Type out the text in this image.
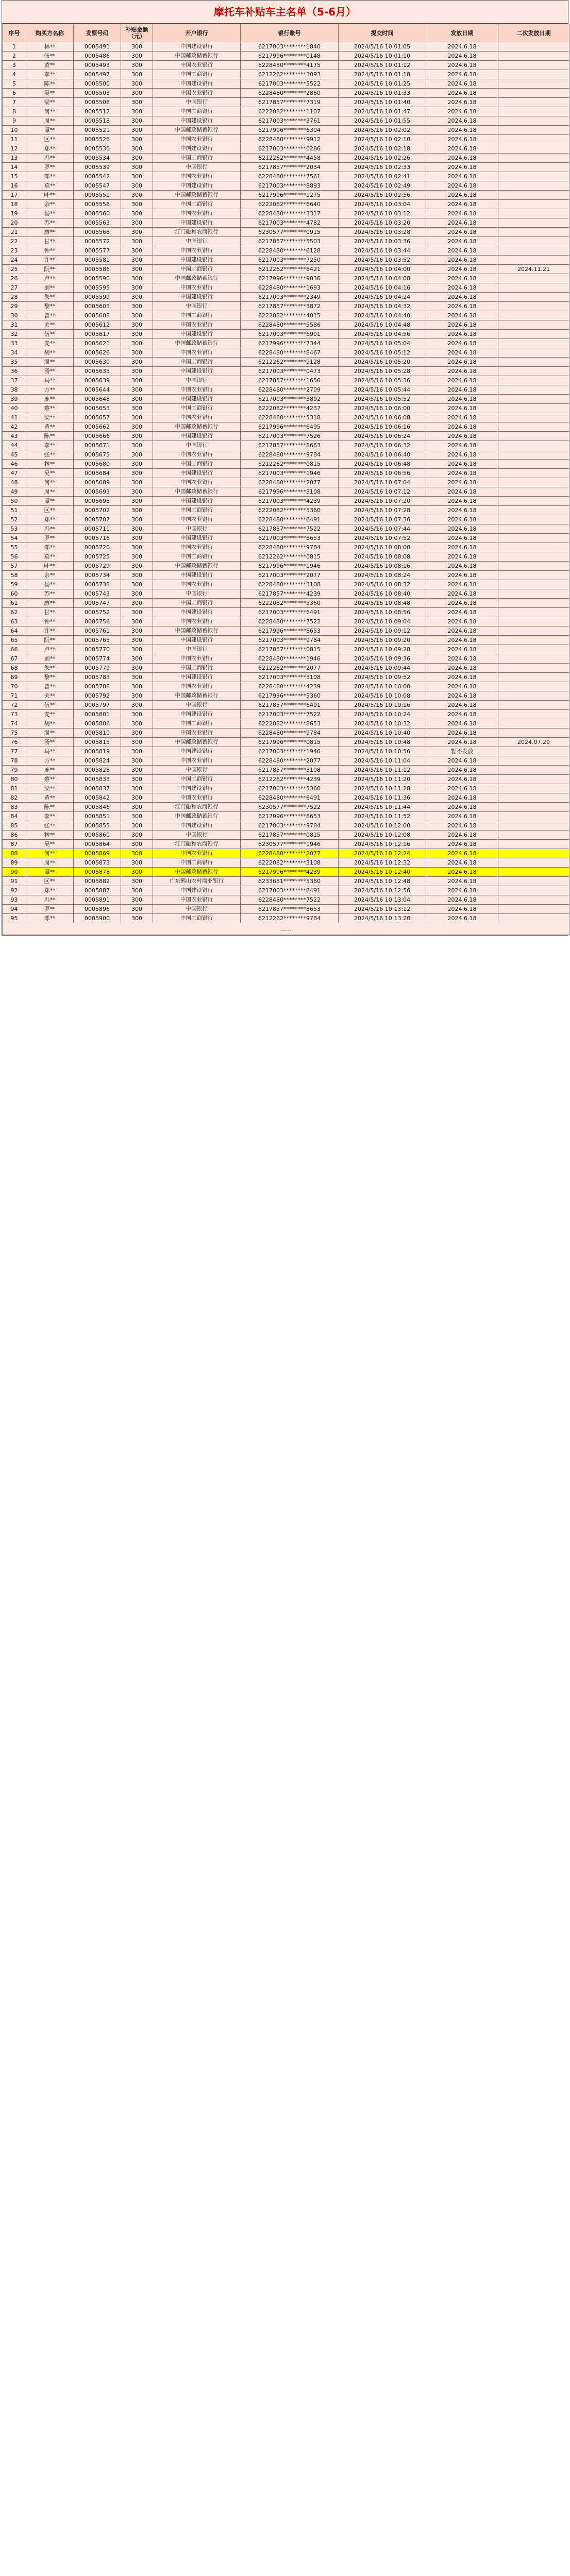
摩托车补贴车主名单（5-6月）
序号	购买方名称	发票号码	补贴金额（元）	开户银行	银行账号	提交时间	发放日期	二次发放日期
1	林**	0005491	300	中国建设银行	6217003********1840	2024/5/16 10:01:05	2024.6.18	
2	张**	0005486	300	中国邮政储蓄银行	6217996********0148	2024/5/16 10:01:10	2024.6.18	
3	黄**	0005493	300	中国农业银行	6228480********4175	2024/5/16 10:01:12	2024.6.18	
4	李**	0005497	300	中国工商银行	6212262********3093	2024/5/16 10:01:18	2024.6.18	
5	陈**	0005500	300	中国建设银行	6217003********5522	2024/5/16 10:01:25	2024.6.18	
6	吴**	0005503	300	中国农业银行	6228480********2860	2024/5/16 10:01:33	2024.6.18	
7	梁**	0005508	300	中国银行	6217857********7319	2024/5/16 10:01:40	2024.6.18	
8	何**	0005512	300	中国工商银行	6222082********1107	2024/5/16 10:01:47	2024.6.18	
9	周**	0005518	300	中国建设银行	6217003********3761	2024/5/16 10:01:55	2024.6.18	
10	谭**	0005521	300	中国邮政储蓄银行	6217996********6304	2024/5/16 10:02:02	2024.6.18	
11	区**	0005526	300	中国农业银行	6228480********9912	2024/5/16 10:02:10	2024.6.18	
12	郑**	0005530	300	中国建设银行	6217003********0286	2024/5/16 10:02:18	2024.6.18	
13	冯**	0005534	300	中国工商银行	6212262********4458	2024/5/16 10:02:26	2024.6.18	
14	罗**	0005539	300	中国银行	6217857********2034	2024/5/16 10:02:33	2024.6.18	
15	邓**	0005542	300	中国农业银行	6228480********7561	2024/5/16 10:02:41	2024.6.18	
16	莫**	0005547	300	中国建设银行	6217003********8893	2024/5/16 10:02:49	2024.6.18	
17	叶**	0005551	300	中国邮政储蓄银行	6217996********1275	2024/5/16 10:02:56	2024.6.18	
18	余**	0005556	300	中国工商银行	6222082********6640	2024/5/16 10:03:04	2024.6.18	
19	杨**	0005560	300	中国农业银行	6228480********3317	2024/5/16 10:03:12	2024.6.18	
20	苏**	0005563	300	中国建设银行	6217003********4782	2024/5/16 10:03:20	2024.6.18	
21	廖**	0005568	300	江门融和农商银行	6230577********0915	2024/5/16 10:03:28	2024.6.18	
22	甘**	0005572	300	中国银行	6217857********5503	2024/5/16 10:03:36	2024.6.18	
23	钟**	0005577	300	中国农业银行	6228480********6128	2024/5/16 10:03:44	2024.6.18	
24	许**	0005581	300	中国建设银行	6217003********7250	2024/5/16 10:03:52	2024.6.18	
25	阮**	0005586	300	中国工商银行	6212262********8421	2024/5/16 10:04:00	2024.6.18	2024.11.21
26	卢**	0005590	300	中国邮政储蓄银行	6217996********9036	2024/5/16 10:04:08	2024.6.18	
27	刘**	0005595	300	中国农业银行	6228480********1693	2024/5/16 10:04:16	2024.6.18	
28	朱**	0005599	300	中国建设银行	6217003********2349	2024/5/16 10:04:24	2024.6.18	
29	黎**	0005603	300	中国银行	6217857********3872	2024/5/16 10:04:32	2024.6.18	
30	曾**	0005608	300	中国工商银行	6222082********4015	2024/5/16 10:04:40	2024.6.18	
31	关**	0005612	300	中国农业银行	6228480********5586	2024/5/16 10:04:48	2024.6.18	
32	伍**	0005617	300	中国建设银行	6217003********6901	2024/5/16 10:04:56	2024.6.18	
33	麦**	0005621	300	中国邮政储蓄银行	6217996********7344	2024/5/16 10:05:04	2024.6.18	
34	胡**	0005626	300	中国农业银行	6228480********8467	2024/5/16 10:05:12	2024.6.18	
35	温**	0005630	300	中国工商银行	6212262********9128	2024/5/16 10:05:20	2024.6.18	
36	汤**	0005635	300	中国建设银行	6217003********0473	2024/5/16 10:05:28	2024.6.18	
37	马**	0005639	300	中国银行	6217857********1656	2024/5/16 10:05:36	2024.6.18	
38	方**	0005644	300	中国农业银行	6228480********2709	2024/5/16 10:05:44	2024.6.18	
39	庞**	0005648	300	中国建设银行	6217003********3892	2024/5/16 10:05:52	2024.6.18	
40	蔡**	0005653	300	中国工商银行	6222082********4237	2024/5/16 10:06:00	2024.6.18	
41	梁**	0005657	300	中国农业银行	6228480********5318	2024/5/16 10:06:08	2024.6.18	
42	黄**	0005662	300	中国邮政储蓄银行	6217996********6495	2024/5/16 10:06:16	2024.6.18	
43	陈**	0005666	300	中国建设银行	6217003********7526	2024/5/16 10:06:24	2024.6.18	
44	李**	0005671	300	中国银行	6217857********8663	2024/5/16 10:06:32	2024.6.18	
45	张**	0005675	300	中国农业银行	6228480********9784	2024/5/16 10:06:40	2024.6.18	
46	林**	0005680	300	中国工商银行	6212262********0815	2024/5/16 10:06:48	2024.6.18	
47	吴**	0005684	300	中国建设银行	6217003********1946	2024/5/16 10:06:56	2024.6.18	
48	何**	0005689	300	中国农业银行	6228480********2077	2024/5/16 10:07:04	2024.6.18	
49	周**	0005693	300	中国邮政储蓄银行	6217996********3108	2024/5/16 10:07:12	2024.6.18	
50	谭**	0005698	300	中国建设银行	6217003********4239	2024/5/16 10:07:20	2024.6.18	
51	区**	0005702	300	中国工商银行	6222082********5360	2024/5/16 10:07:28	2024.6.18	
52	郑**	0005707	300	中国农业银行	6228480********6491	2024/5/16 10:07:36	2024.6.18	
53	冯**	0005711	300	中国银行	6217857********7522	2024/5/16 10:07:44	2024.6.18	
54	罗**	0005716	300	中国建设银行	6217003********8653	2024/5/16 10:07:52	2024.6.18	
55	邓**	0005720	300	中国农业银行	6228480********9784	2024/5/16 10:08:00	2024.6.18	
56	莫**	0005725	300	中国工商银行	6212262********0815	2024/5/16 10:08:08	2024.6.18	
57	叶**	0005729	300	中国邮政储蓄银行	6217996********1946	2024/5/16 10:08:16	2024.6.18	
58	余**	0005734	300	中国建设银行	6217003********2077	2024/5/16 10:08:24	2024.6.18	
59	杨**	0005738	300	中国农业银行	6228480********3108	2024/5/16 10:08:32	2024.6.18	
60	苏**	0005743	300	中国银行	6217857********4239	2024/5/16 10:08:40	2024.6.18	
61	廖**	0005747	300	中国工商银行	6222082********5360	2024/5/16 10:08:48	2024.6.18	
62	甘**	0005752	300	中国建设银行	6217003********6491	2024/5/16 10:08:56	2024.6.18	
63	钟**	0005756	300	中国农业银行	6228480********7522	2024/5/16 10:09:04	2024.6.18	
64	许**	0005761	300	中国邮政储蓄银行	6217996********8653	2024/5/16 10:09:12	2024.6.18	
65	阮**	0005765	300	中国建设银行	6217003********9784	2024/5/16 10:09:20	2024.6.18	
66	卢**	0005770	300	中国银行	6217857********0815	2024/5/16 10:09:28	2024.6.18	
67	刘**	0005774	300	中国农业银行	6228480********1946	2024/5/16 10:09:36	2024.6.18	
68	朱**	0005779	300	中国工商银行	6212262********2077	2024/5/16 10:09:44	2024.6.18	
69	黎**	0005783	300	中国建设银行	6217003********3108	2024/5/16 10:09:52	2024.6.18	
70	曾**	0005788	300	中国农业银行	6228480********4239	2024/5/16 10:10:00	2024.6.18	
71	关**	0005792	300	中国邮政储蓄银行	6217996********5360	2024/5/16 10:10:08	2024.6.18	
72	伍**	0005797	300	中国银行	6217857********6491	2024/5/16 10:10:16	2024.6.18	
73	麦**	0005801	300	中国建设银行	6217003********7522	2024/5/16 10:10:24	2024.6.18	
74	胡**	0005806	300	中国工商银行	6222082********8653	2024/5/16 10:10:32	2024.6.18	
75	温**	0005810	300	中国农业银行	6228480********9784	2024/5/16 10:10:40	2024.6.18	
76	汤**	0005815	300	中国邮政储蓄银行	6217996********0815	2024/5/16 10:10:48	2024.6.18	2024.07.29
77	马**	0005819	300	中国建设银行	6217003********1946	2024/5/16 10:10:56	暂不发放	
78	方**	0005824	300	中国农业银行	6228480********2077	2024/5/16 10:11:04	2024.6.18	
79	庞**	0005828	300	中国银行	6217857********3108	2024/5/16 10:11:12	2024.6.18	
80	蔡**	0005833	300	中国工商银行	6212262********4239	2024/5/16 10:11:20	2024.6.18	
81	梁**	0005837	300	中国建设银行	6217003********5360	2024/5/16 10:11:28	2024.6.18	
82	黄**	0005842	300	中国农业银行	6228480********6491	2024/5/16 10:11:36	2024.6.18	
83	陈**	0005846	300	江门融和农商银行	6230577********7522	2024/5/16 10:11:44	2024.6.18	
84	李**	0005851	300	中国邮政储蓄银行	6217996********8653	2024/5/16 10:11:52	2024.6.18	
85	张**	0005855	300	中国建设银行	6217003********9784	2024/5/16 10:12:00	2024.6.18	
86	林**	0005860	300	中国银行	6217857********0815	2024/5/16 10:12:08	2024.6.18	
87	吴**	0005864	300	江门融和农商银行	6230577********1946	2024/5/16 10:12:16	2024.6.18	
88	何**	0005869	300	中国农业银行	6228480********2077	2024/5/16 10:12:24	2024.6.18	
89	周**	0005873	300	中国工商银行	6222082********3108	2024/5/16 10:12:32	2024.6.18	
90	谭**	0005878	300	中国邮政储蓄银行	6217996********4239	2024/5/16 10:12:40	2024.6.18	
91	区**	0005882	300	广东鹤山农村商业银行	6233681********5360	2024/5/16 10:12:48	2024.6.18	
92	郑**	0005887	300	中国建设银行	6217003********6491	2024/5/16 10:12:56	2024.6.18	
93	冯**	0005891	300	中国农业银行	6228480********7522	2024/5/16 10:13:04	2024.6.18	
94	罗**	0005896	300	中国银行	6217857********8653	2024/5/16 10:13:12	2024.6.18	
95	邓**	0005900	300	中国工商银行	6212262********9784	2024/5/16 10:13:20	2024.6.18	
……								
